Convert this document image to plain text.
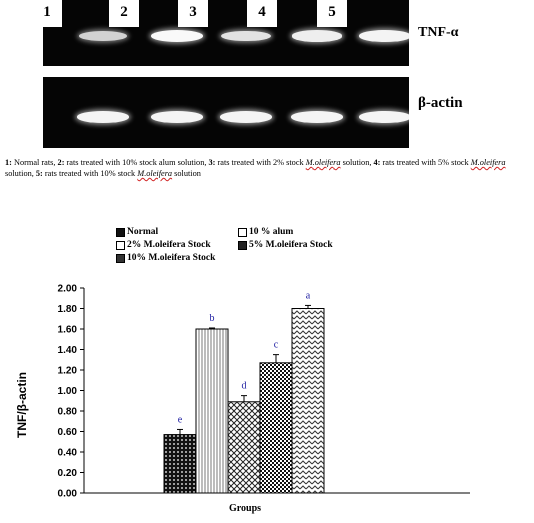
1	2	3	4	5
TNF-α
β-actin
1: Normal rats, 2: rats treated with 10% stock alum solution, 3: rats treated with 2% stock M.oleifera solution, 4: rats treated with 5% stock M.oleifera solution, 5: rats treated with 10% stock M.oleifera solution
Normal	10 % alum
2% M.oleifera Stock	5% M.oleifera Stock
10% M.oleifera Stock
0.00
0.20
0.40
0.60
0.80
1.00
1.20
1.40
1.60
1.80
2.00
e
b
d
c
a
TNF/β-actin
Groups
